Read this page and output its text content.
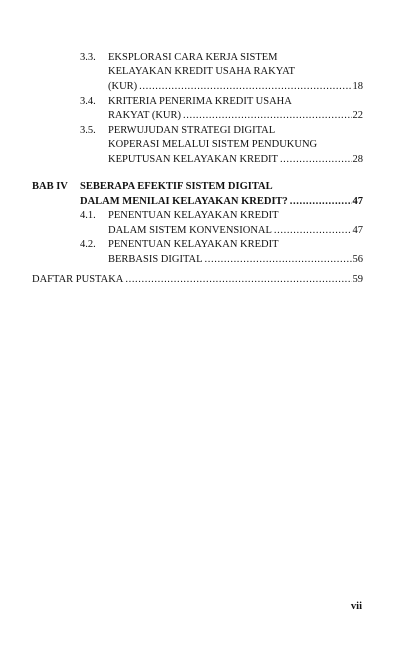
3.3. EKSPLORASI CARA KERJA SISTEM
KELAYAKAN KREDIT USAHA RAKYAT
(KUR) .....	18
3.4. KRITERIA PENERIMA KREDIT USAHA
RAKYAT (KUR) .....	22
3.5. PERWUJUDAN STRATEGI DIGITAL
KOPERASI MELALUI SISTEM PENDUKUNG
KEPUTUSAN KELAYAKAN KREDIT .....	28
BAB IV SEBERAPA EFEKTIF SISTEM DIGITAL
DALAM MENILAI KELAYAKAN KREDIT? .....	47
4.1. PENENTUAN KELAYAKAN KREDIT
DALAM SISTEM KONVENSIONAL .....	47
4.2. PENENTUAN KELAYAKAN KREDIT
BERBASIS DIGITAL .....	56
DAFTAR PUSTAKA .....	59
vii
